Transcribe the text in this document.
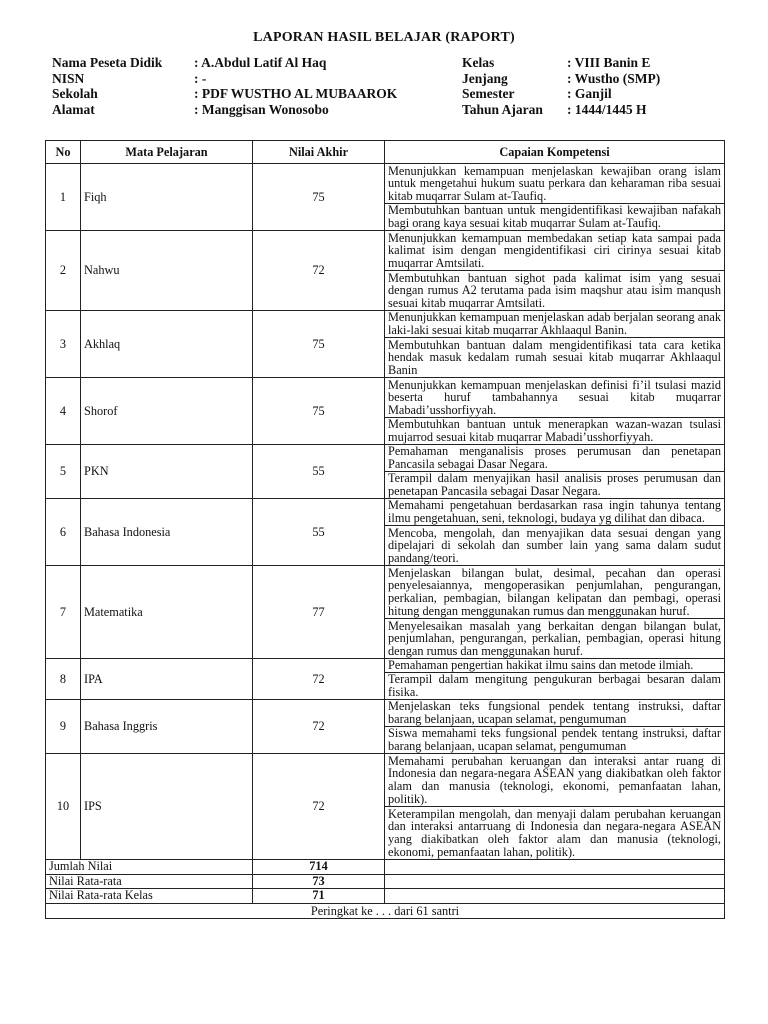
LAPORAN HASIL BELAJAR (RAPORT)
Nama Peseta Didik	: A.Abdul Latif Al Haq
NISN	: -
Sekolah	: PDF WUSTHO AL MUBAAROK
Alamat	: Manggisan Wonosobo
Kelas	: VIII Banin E
Jenjang	: Wustho (SMP)
Semester	: Ganjil
Tahun Ajaran	: 1444/1445 H
No	Mata Pelajaran	Nilai Akhir	Capaian Kompetensi
1	Fiqh	75	Menunjukkan kemampuan menjelaskan kewajiban orang islam untuk mengetahui hukum suatu perkara dan keharaman riba sesuai kitab muqarrar Sulam at-Taufiq.
			Membutuhkan bantuan untuk mengidentifikasi kewajiban nafakah bagi orang kaya sesuai kitab muqarrar Sulam at-Taufiq.
2	Nahwu	72	Menunjukkan kemampuan membedakan setiap kata sampai pada kalimat isim dengan mengidentifikasi ciri cirinya sesuai kitab muqarrar Amtsilati.
			Membutuhkan bantuan sighot pada kalimat isim yang sesuai dengan rumus A2 terutama pada isim maqshur atau isim manqush sesuai kitab muqarrar Amtsilati.
3	Akhlaq	75	Menunjukkan kemampuan menjelaskan adab berjalan seorang anak laki-laki sesuai kitab muqarrar Akhlaaqul Banin.
			Membutuhkan bantuan dalam mengidentifikasi tata cara ketika hendak masuk kedalam rumah sesuai kitab muqarrar Akhlaaqul Banin
4	Shorof	75	Menunjukkan kemampuan menjelaskan definisi fi’il tsulasi mazid beserta huruf tambahannya sesuai kitab muqarrar Mabadi’usshorfiyyah.
			Membutuhkan bantuan untuk menerapkan wazan-wazan tsulasi mujarrod sesuai kitab muqarrar Mabadi’usshorfiyyah.
5	PKN	55	Pemahaman menganalisis proses perumusan dan penetapan Pancasila sebagai Dasar Negara.
			Terampil dalam menyajikan hasil analisis proses perumusan dan penetapan Pancasila sebagai Dasar Negara.
6	Bahasa Indonesia	55	Memahami pengetahuan berdasarkan rasa ingin tahunya tentang ilmu pengetahuan, seni, teknologi, budaya yg dilihat dan dibaca.
			Mencoba, mengolah, dan menyajikan data sesuai dengan yang dipelajari di sekolah dan sumber lain yang sama dalam sudut pandang/teori.
7	Matematika	77	Menjelaskan bilangan bulat, desimal, pecahan dan operasi penyelesaiannya, mengoperasikan penjumlahan, pengurangan, perkalian, pembagian, bilangan kelipatan dan pembagi, operasi hitung dengan menggunakan rumus dan menggunakan huruf.
			Menyelesaikan masalah yang berkaitan dengan bilangan bulat, penjumlahan, pengurangan, perkalian, pembagian, operasi hitung dengan rumus dan menggunakan huruf.
8	IPA	72	Pemahaman pengertian hakikat ilmu sains dan metode ilmiah.
			Terampil dalam mengitung pengukuran berbagai besaran dalam fisika.
9	Bahasa Inggris	72	Menjelaskan teks fungsional pendek tentang instruksi, daftar barang belanjaan, ucapan selamat, pengumuman
			Siswa memahami teks fungsional pendek tentang instruksi, daftar barang belanjaan, ucapan selamat, pengumuman
10	IPS	72	Memahami perubahan keruangan dan interaksi antar ruang di Indonesia dan negara-negara ASEAN yang diakibatkan oleh faktor alam dan manusia (teknologi, ekonomi, pemanfaatan lahan, politik).
			Keterampilan mengolah, dan menyaji dalam perubahan keruangan dan interaksi antarruang di Indonesia dan negara-negara ASEAN yang diakibatkan oleh faktor alam dan manusia (teknologi, ekonomi, pemanfaatan lahan, politik).
Jumlah Nilai		714	
Nilai Rata-rata		73	
Nilai Rata-rata Kelas		71	
Peringkat ke . . . dari 61 santri			
